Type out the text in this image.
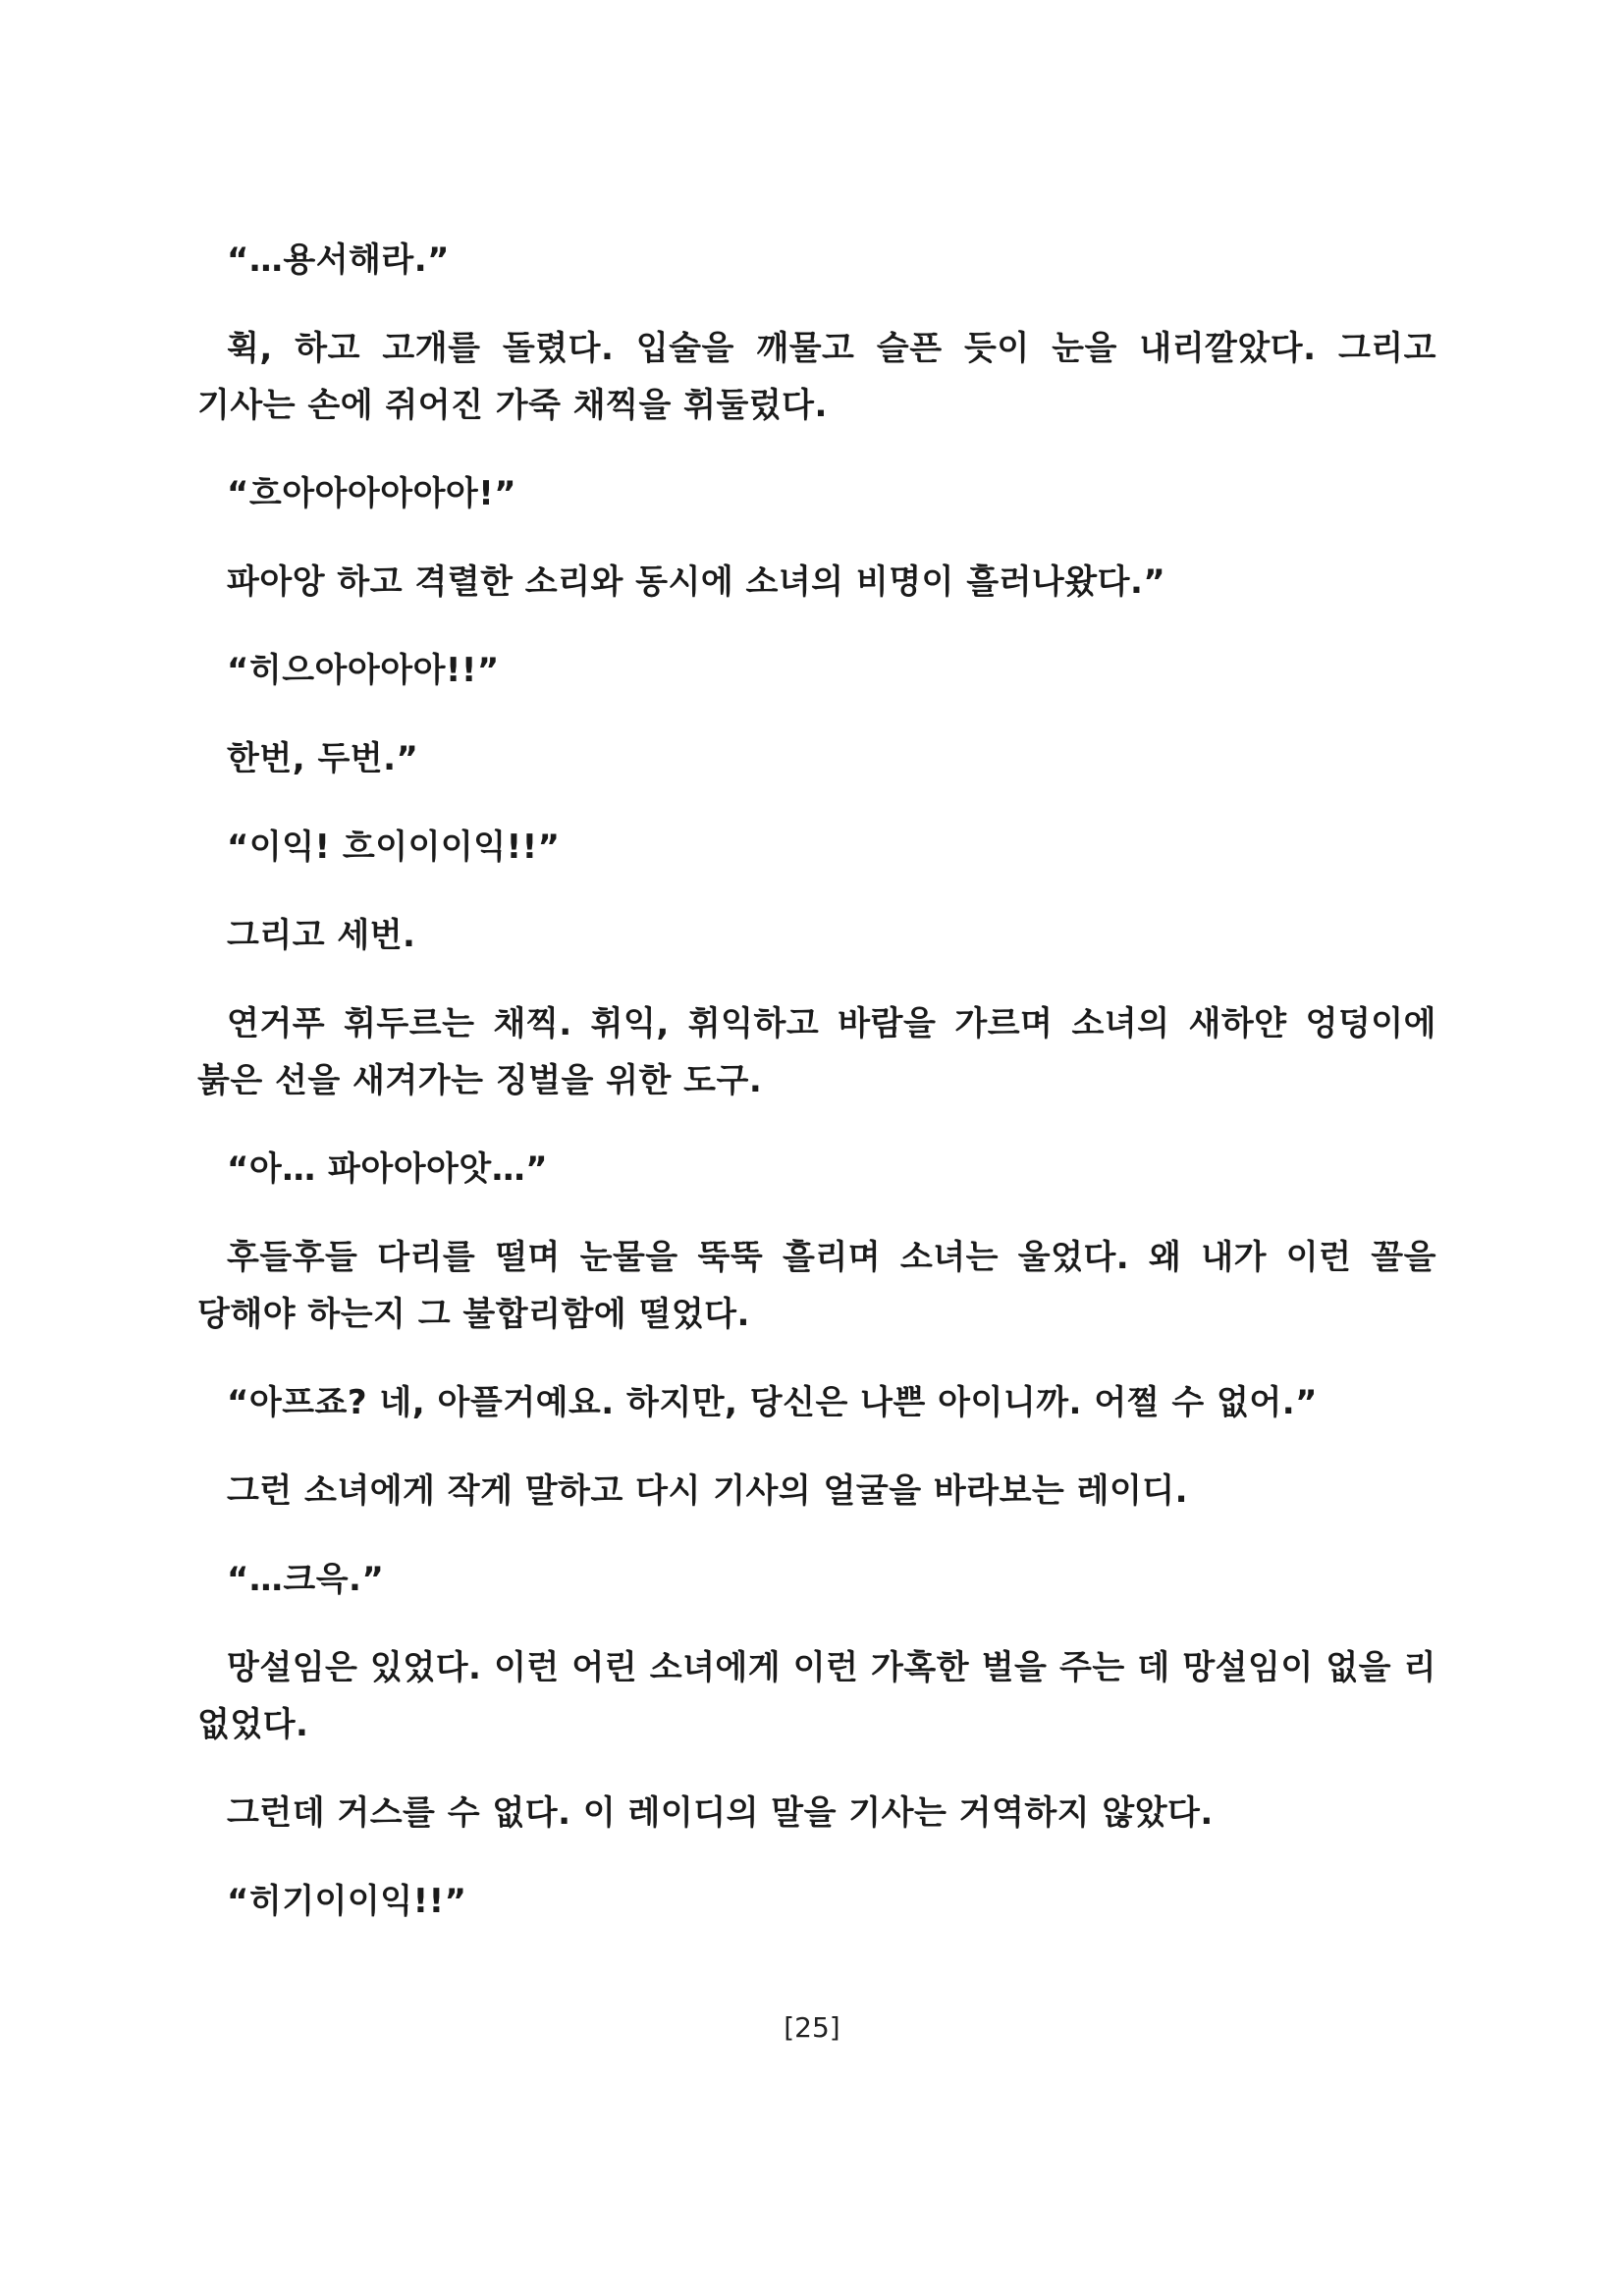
“…용서해라.”

휙, 하고 고개를 돌렸다. 입술을 깨물고 슬픈 듯이 눈을 내리깔았다. 그리고 기사는 손에 쥐어진 가죽 채찍을 휘둘렀다.

“흐아아아아아아!”

파아앙 하고 격렬한 소리와 동시에 소녀의 비명이 흘러나왔다.”

“히으아아아아!!”

한번, 두번.”

“이익! 흐이이이익!!”

그리고 세번.

연거푸 휘두르는 채찍. 휘익, 휘익하고 바람을 가르며 소녀의 새하얀 엉덩이에 붉은 선을 새겨가는 징벌을 위한 도구.

“아… 파아아아앗…”

후들후들 다리를 떨며 눈물을 뚝뚝 흘리며 소녀는 울었다. 왜 내가 이런 꼴을 당해야 하는지 그 불합리함에 떨었다.

“아프죠? 네, 아플거예요. 하지만, 당신은 나쁜 아이니까. 어쩔 수 없어.”

그런 소녀에게 작게 말하고 다시 기사의 얼굴을 바라보는 레이디.

“…크윽.”

망설임은 있었다. 이런 어린 소녀에게 이런 가혹한 벌을 주는 데 망설임이 없을 리 없었다.

그런데 거스를 수 없다. 이 레이디의 말을 기사는 거역하지 않았다.

“히기이이익!!”

[25]
